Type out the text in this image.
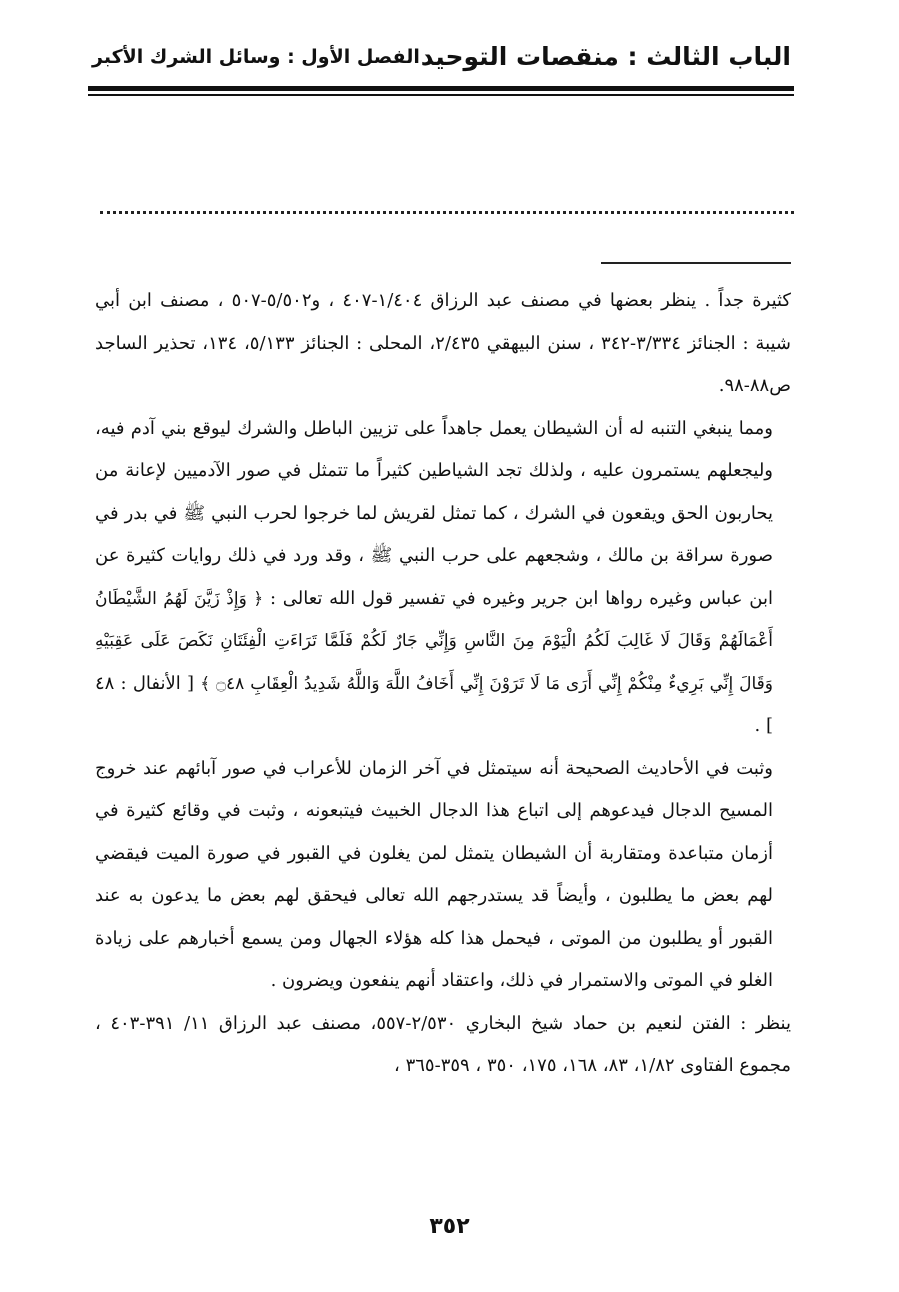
الباب الثالث : منقصات التوحيد
الفصل الأول : وسائل الشرك الأكبر

كثيرة جداً . ينظر بعضها في مصنف عبد الرزاق ١/٤٠٤-٤٠٧ ، و٥/٥٠٢-٥٠٧ ، مصنف ابن أبي شيبة : الجنائز ٣/٣٣٤-٣٤٢ ، سنن البيهقي ٢/٤٣٥، المحلى : الجنائز ٥/١٣٣، ١٣٤، تحذير الساجد ص٨٨-٩٨.

ومما ينبغي التنبه له أن الشيطان يعمل جاهداً على تزيين الباطل والشرك ليوقع بني آدم فيه، وليجعلهم يستمرون عليه ، ولذلك تجد الشياطين كثيراً ما تتمثل في صور الآدميين لإعانة من يحاربون الحق ويقعون في الشرك ، كما تمثل لقريش لما خرجوا لحرب النبي ﷺ في بدر في صورة سراقة بن مالك ، وشجعهم على حرب النبي ﷺ ، وقد ورد في ذلك روايات كثيرة عن ابن عباس وغيره رواها ابن جرير وغيره في تفسير قول الله تعالى : ﴿ وَإِذْ زَيَّنَ لَهُمُ الشَّيْطَانُ أَعْمَالَهُمْ وَقَالَ لَا غَالِبَ لَكُمُ الْيَوْمَ مِنَ النَّاسِ وَإِنِّي جَارٌ لَكُمْ فَلَمَّا تَرَاءَتِ الْفِئَتَانِ نَكَصَ عَلَى عَقِبَيْهِ وَقَالَ إِنِّي بَرِيءٌ مِنْكُمْ إِنِّي أَرَى مَا لَا تَرَوْنَ إِنِّي أَخَافُ اللَّهَ وَاللَّهُ شَدِيدُ الْعِقَابِ ۝٤٨ ﴾ [ الأنفال : ٤٨ ] .

وثبت في الأحاديث الصحيحة أنه سيتمثل في آخر الزمان للأعراب في صور آبائهم عند خروج المسيح الدجال فيدعوهم إلى اتباع هذا الدجال الخبيث فيتبعونه ، وثبت في وقائع كثيرة في أزمان متباعدة ومتقاربة أن الشيطان يتمثل لمن يغلون في القبور في صورة الميت فيقضي لهم بعض ما يطلبون ، وأيضاً قد يستدرجهم الله تعالى فيحقق لهم بعض ما يدعون به عند القبور أو يطلبون من الموتى ، فيحمل هذا كله هؤلاء الجهال ومن يسمع أخبارهم على زيادة الغلو في الموتى والاستمرار في ذلك، واعتقاد أنهم ينفعون ويضرون .

ينظر : الفتن لنعيم بن حماد شيخ البخاري ٢/٥٣٠-٥٥٧، مصنف عبد الرزاق ١١/ ٣٩١-٤٠٣ ، مجموع الفتاوى ١/٨٢، ٨٣، ١٦٨، ١٧٥، ٣٥٠ ، ٣٥٩-٣٦٥ ،

٣٥٢
